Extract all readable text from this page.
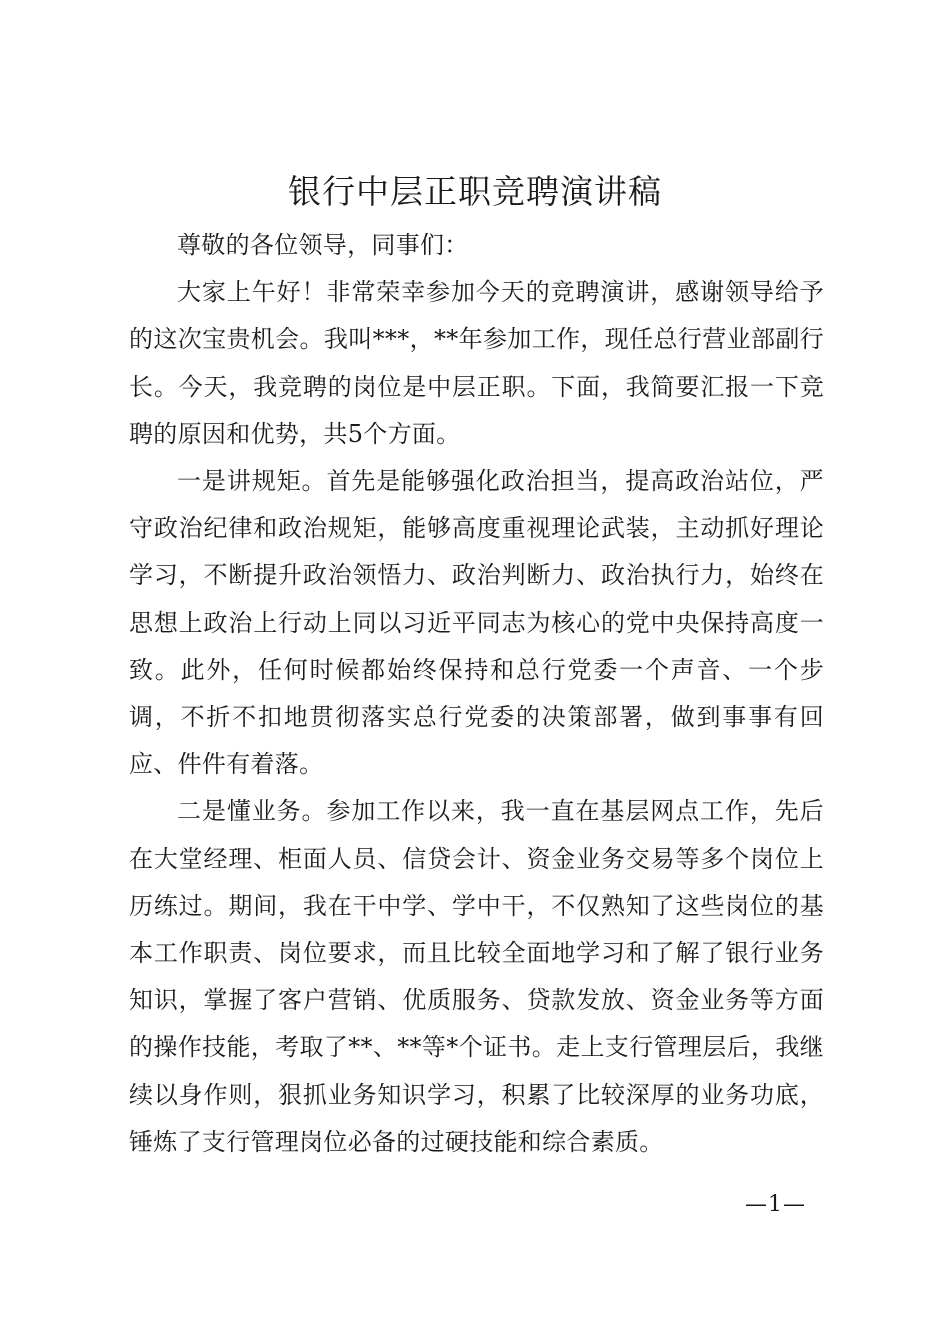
银行中层正职竞聘演讲稿

尊敬的各位领导，同事们：

大家上午好！非常荣幸参加今天的竞聘演讲，感谢领导给予的这次宝贵机会。我叫***，**年参加工作，现任总行营业部副行长。今天，我竞聘的岗位是中层正职。下面，我简要汇报一下竞聘的原因和优势，共5个方面。

一是讲规矩。首先是能够强化政治担当，提高政治站位，严守政治纪律和政治规矩，能够高度重视理论武装，主动抓好理论学习，不断提升政治领悟力、政治判断力、政治执行力，始终在思想上政治上行动上同以习近平同志为核心的党中央保持高度一致。此外，任何时候都始终保持和总行党委一个声音、一个步调，不折不扣地贯彻落实总行党委的决策部署，做到事事有回应、件件有着落。

二是懂业务。参加工作以来，我一直在基层网点工作，先后在大堂经理、柜面人员、信贷会计、资金业务交易等多个岗位上历练过。期间，我在干中学、学中干，不仅熟知了这些岗位的基本工作职责、岗位要求，而且比较全面地学习和了解了银行业务知识，掌握了客户营销、优质服务、贷款发放、资金业务等方面的操作技能，考取了**、**等*个证书。走上支行管理层后，我继续以身作则，狠抓业务知识学习，积累了比较深厚的业务功底，锤炼了支行管理岗位必备的过硬技能和综合素质。

—1—
